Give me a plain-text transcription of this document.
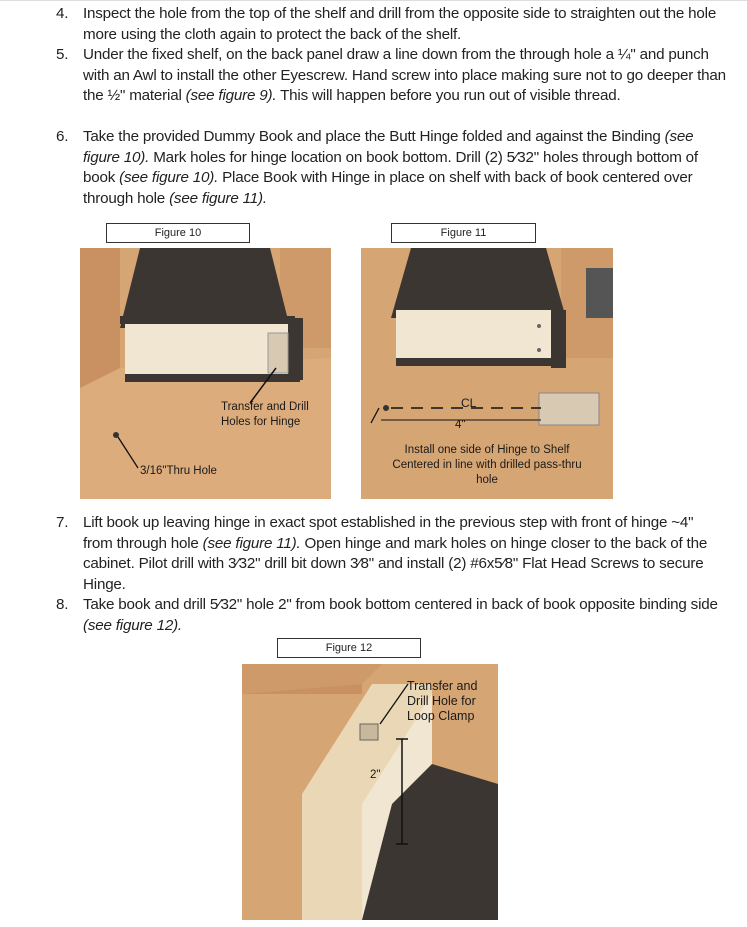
4. Inspect the hole from the top of the shelf and drill from the opposite side to straighten out the hole more using the cloth again to protect the back of the shelf.
5. Under the fixed shelf, on the back panel draw a line down from the through hole a ¼" and punch with an Awl to install the other Eyescrew. Hand screw into place making sure not to go deeper than the ½" material (see figure 9). This will happen before you run out of visible thread.
6. Take the provided Dummy Book and place the Butt Hinge folded and against the Binding (see figure 10). Mark holes for hinge location on book bottom. Drill (2) 5⁄32" holes through bottom of book (see figure 10). Place Book with Hinge in place on shelf with back of book centered over through hole (see figure 11).
Figure 10
Transfer and Drill Holes for Hinge
3/16"Thru Hole
Figure 11
CL
4"
Install one side of Hinge to Shelf Centered in line with drilled pass-thru hole
7. Lift book up leaving hinge in exact spot established in the previous step with front of hinge ~4" from through hole (see figure 11). Open hinge and mark holes on hinge closer to the back of the cabinet. Pilot drill with 3⁄32" drill bit down 3⁄8" and install (2) #6x5⁄8" Flat Head Screws to secure Hinge.
8. Take book and drill 5⁄32" hole 2" from book bottom centered in back of book opposite binding side (see figure 12).
Figure 12
Transfer and Drill Hole for Loop Clamp
2"
